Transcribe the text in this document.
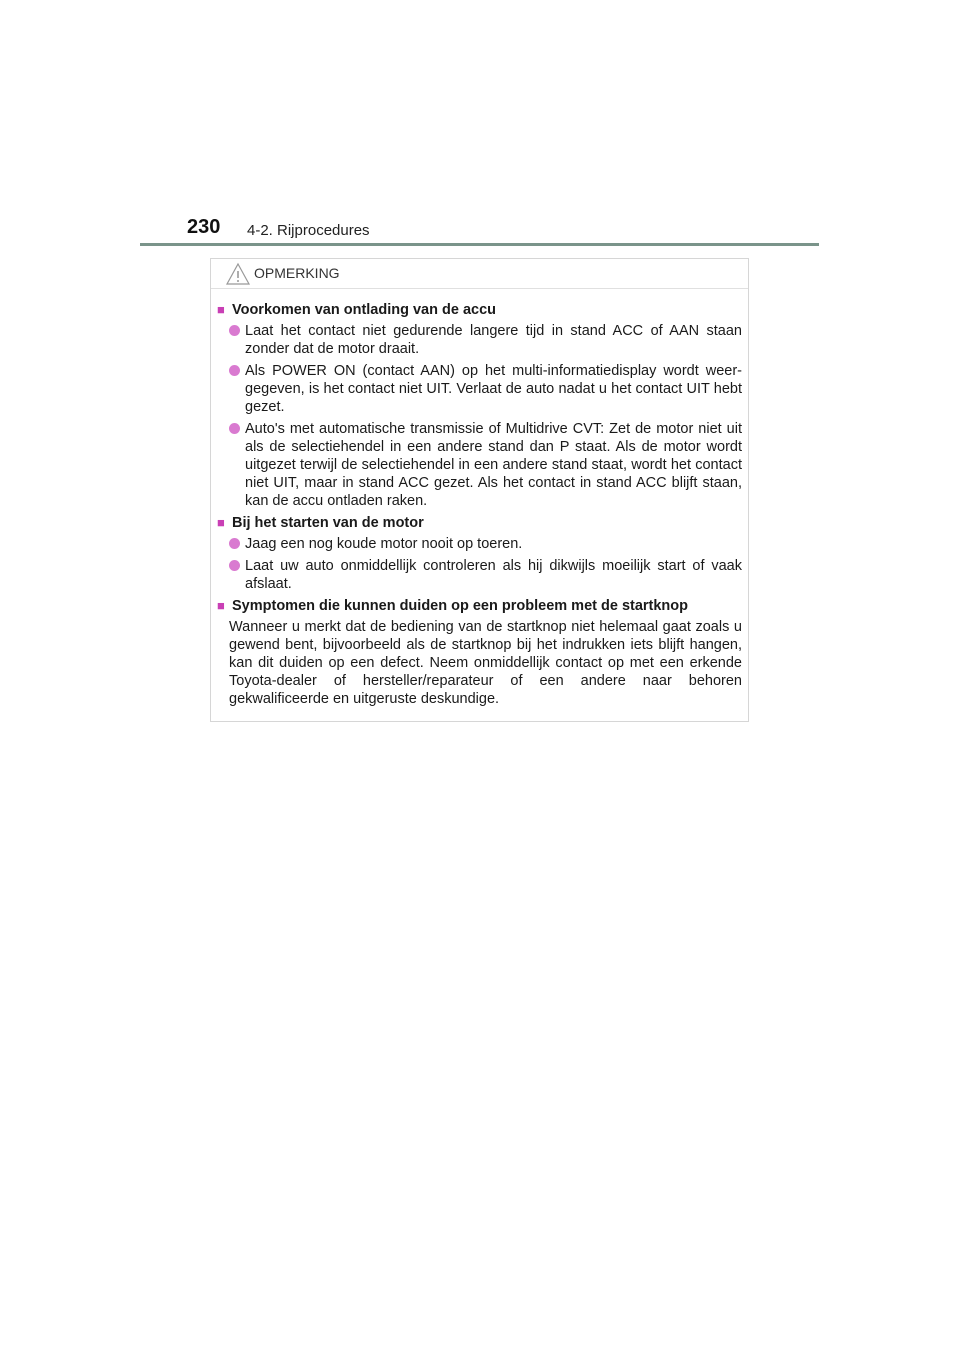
230 4-2. Rijprocedures
OPMERKING
■ Voorkomen van ontlading van de accu
Laat het contact niet gedurende langere tijd in stand ACC of AAN staan zonder dat de motor draait.
Als POWER ON (contact AAN) op het multi-informatiedisplay wordt weer-gegeven, is het contact niet UIT. Verlaat de auto nadat u het contact UIT hebt gezet.
Auto's met automatische transmissie of Multidrive CVT: Zet de motor niet uit als de selectiehendel in een andere stand dan P staat. Als de motor wordt uitgezet terwijl de selectiehendel in een andere stand staat, wordt het contact niet UIT, maar in stand ACC gezet. Als het contact in stand ACC blijft staan, kan de accu ontladen raken.
■ Bij het starten van de motor
Jaag een nog koude motor nooit op toeren.
Laat uw auto onmiddellijk controleren als hij dikwijls moeilijk start of vaak afslaat.
■ Symptomen die kunnen duiden op een probleem met de startknop

Wanneer u merkt dat de bediening van de startknop niet helemaal gaat zoals u gewend bent, bijvoorbeeld als de startknop bij het indrukken iets blijft hangen, kan dit duiden op een defect. Neem onmiddellijk contact op met een erkende Toyota-dealer of hersteller/reparateur of een andere naar behoren gekwalificeerde en uitgeruste deskundige.
